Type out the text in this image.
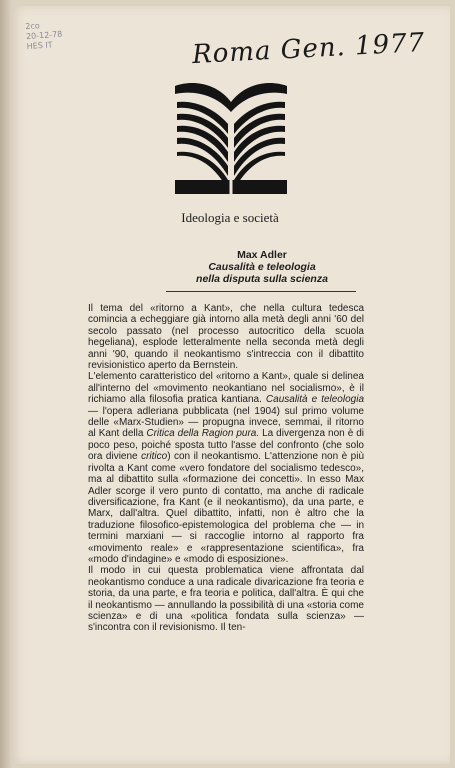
2co
20-12-78
HES IT	Roma Gen. 1977
Ideologia e società
Max Adler
Causalità e teleologia
nella disputa sulla scienza

Il tema del «ritorno a Kant», che nella cultura tedesca comincia a echeggiare già intorno alla metà degli anni '60 del secolo passato (nel processo autocritico della scuola hegeliana), esplode letteralmente nella seconda metà degli anni '90, quando il neokantismo s'intreccia con il dibattito revisionistico aperto da Bernstein.

L'elemento caratteristico del «ritorno a Kant», quale si delinea all'interno del «movimento neokantiano nel socialismo», è il richiamo alla filosofia pratica kantiana. Causalità e teleologia — l'opera adleriana pubblicata (nel 1904) sul primo volume delle «Marx-Studien» — propugna invece, semmai, il ritorno al Kant della Critica della Ragion pura. La divergenza non è di poco peso, poiché sposta tutto l'asse del confronto (che solo ora diviene critico) con il neokantismo. L'attenzione non è più rivolta a Kant come «vero fondatore del socialismo tedesco», ma al dibattito sulla «formazione dei concetti». In esso Max Adler scorge il vero punto di contatto, ma anche di radicale diversificazione, fra Kant (e il neokantismo), da una parte, e Marx, dall'altra. Quel dibattito, infatti, non è altro che la traduzione filosofico-epistemologica del problema che — in termini marxiani — si raccoglie intorno al rapporto fra «movimento reale» e «rappresentazione scientifica», fra «modo d'indagine» e «modo di esposizione».

Il modo in cui questa problematica viene affrontata dal neokantismo conduce a una radicale divaricazione fra teoria e storia, da una parte, e fra teoria e politica, dall'altra. È qui che il neokantismo — annullando la possibilità di una «storia come scienza» e di una «politica fondata sulla scienza» — s'incontra con il revisionismo. Il ten-
